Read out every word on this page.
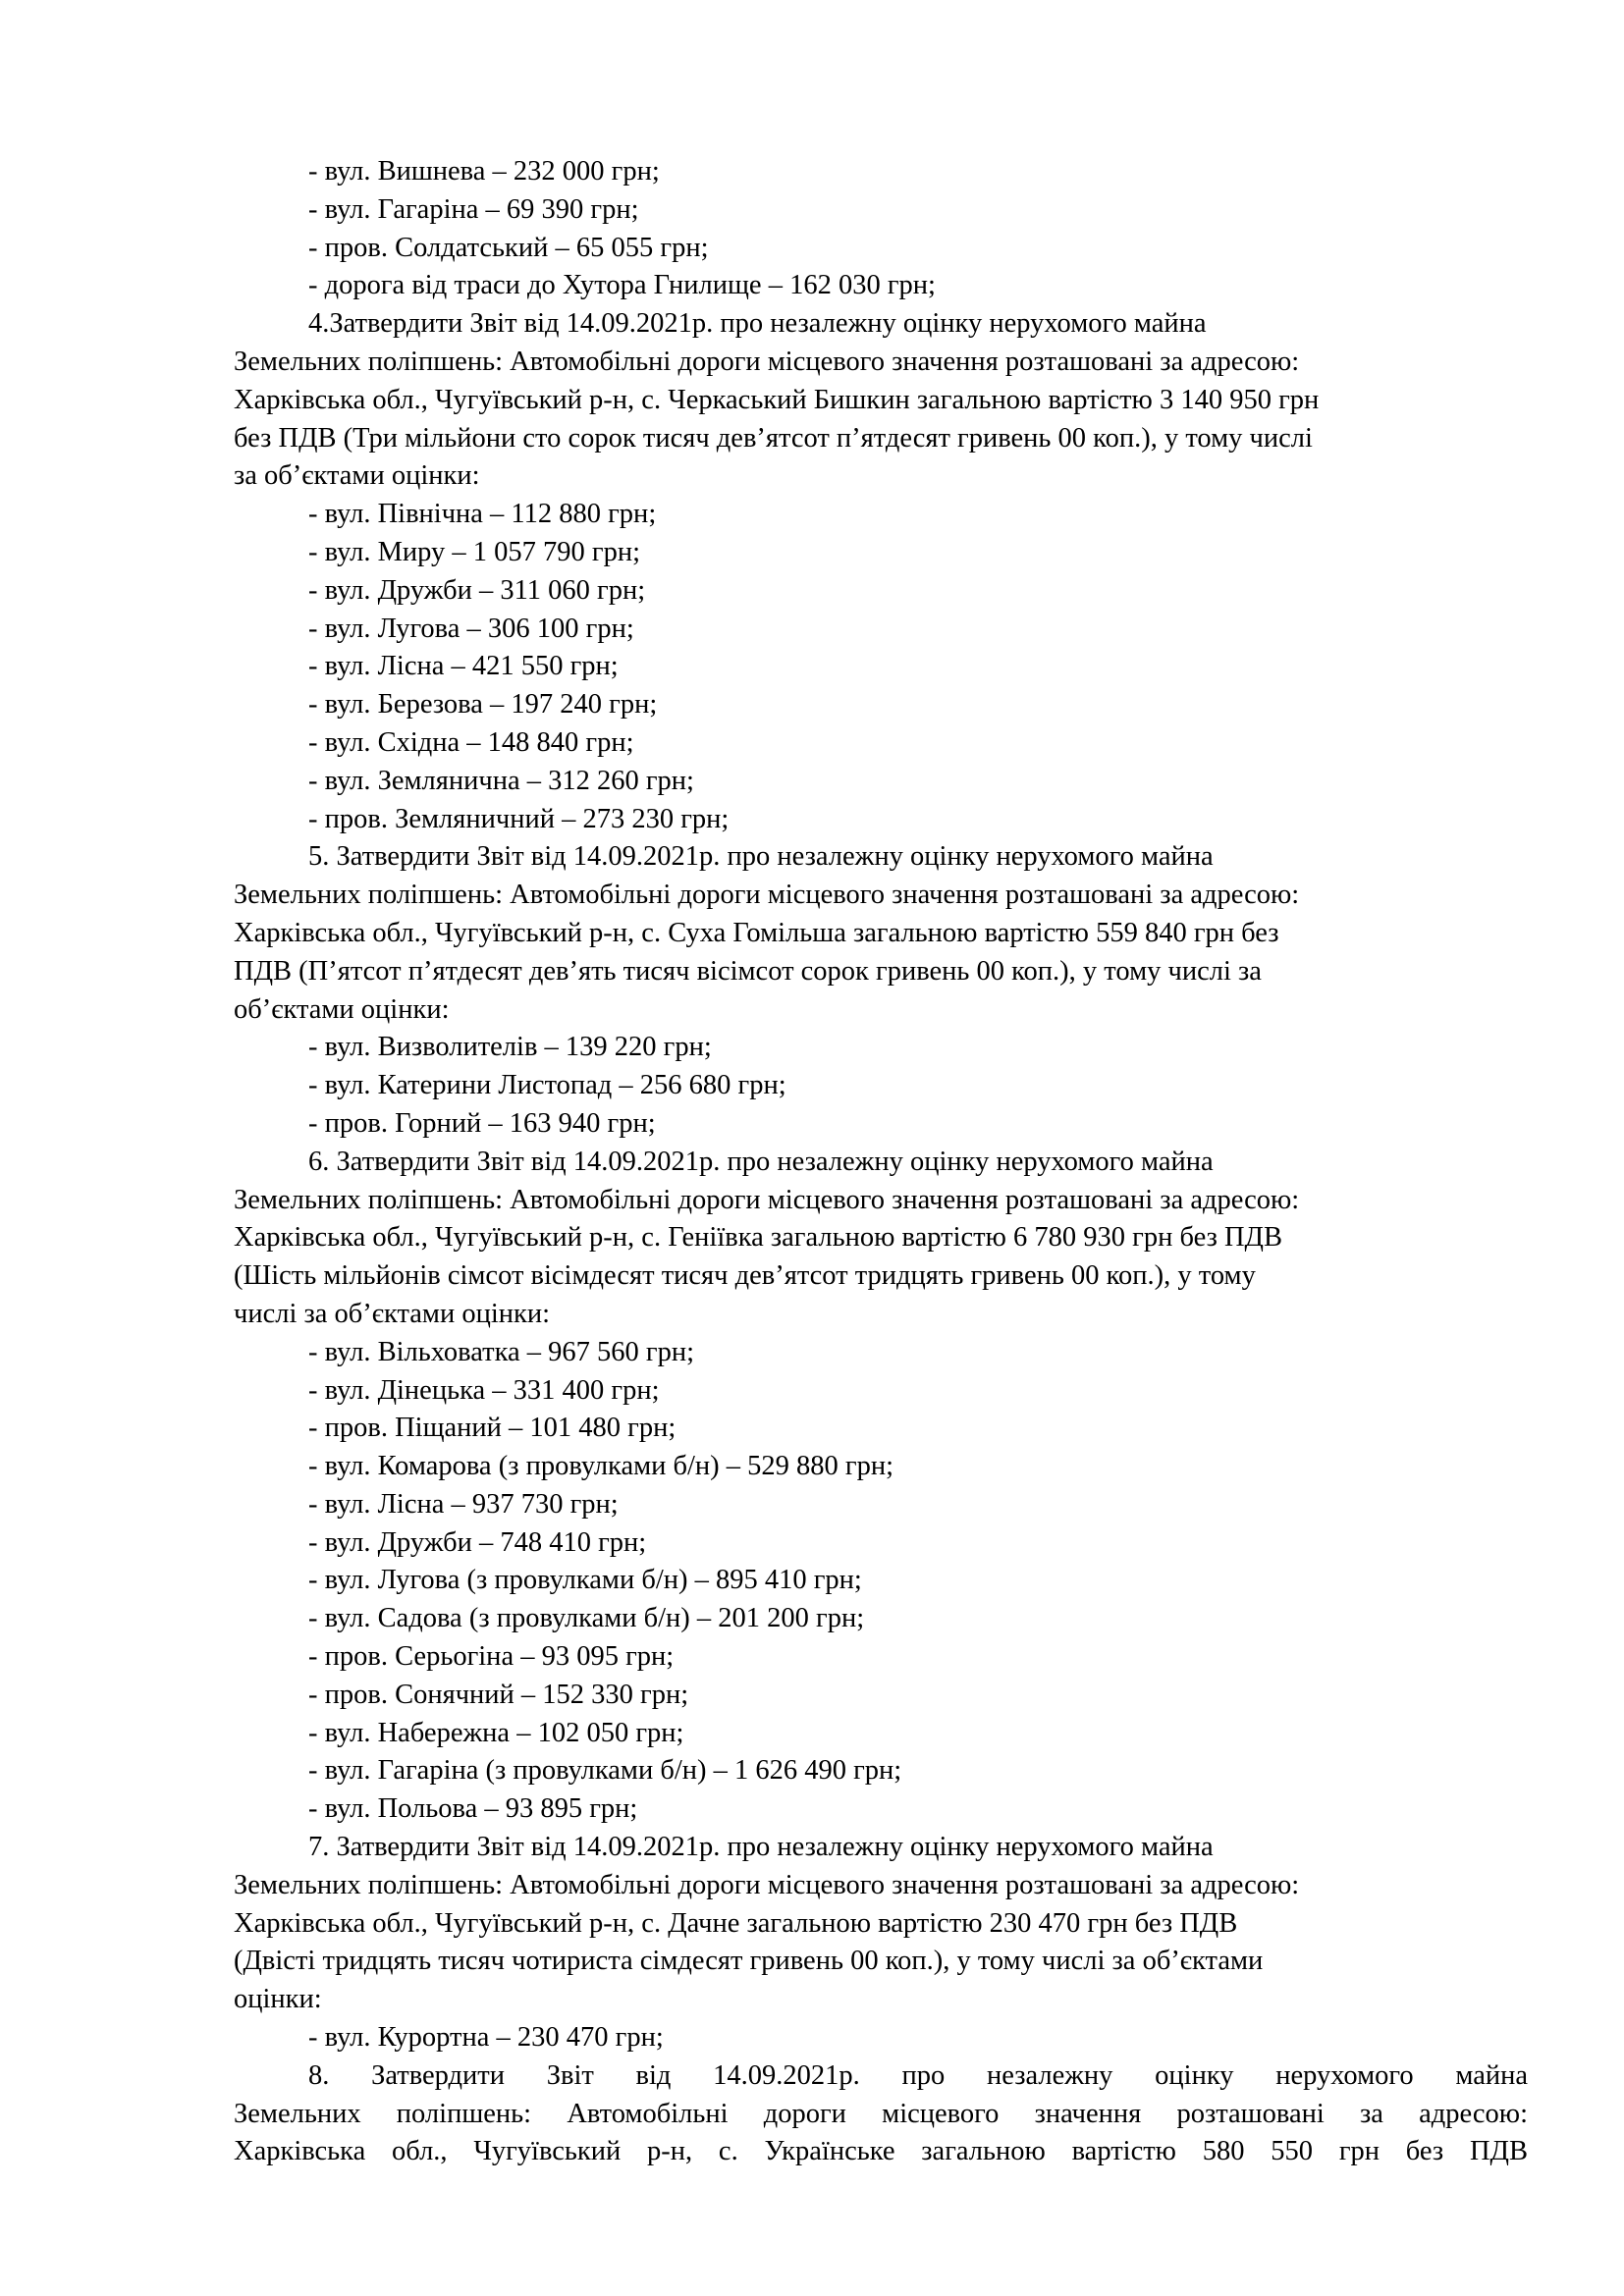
- вул. Вишнева – 232 000 грн;
- вул. Гагаріна – 69 390 грн;
- пров. Солдатський – 65 055 грн;
- дорога від траси до Хутора Гнилище – 162 030 грн;
4.Затвердити Звіт від 14.09.2021р. про незалежну оцінку нерухомого майна
Земельних поліпшень: Автомобільні дороги місцевого значення розташовані за адресою:
Харківська обл., Чугуївський р-н, с. Черкаський Бишкин загальною вартістю 3 140 950 грн
без ПДВ (Три мільйони сто сорок тисяч дев’ятсот п’ятдесят гривень 00 коп.), у тому числі
за об’єктами оцінки:
- вул. Північна – 112 880 грн;
- вул. Миру – 1 057 790 грн;
- вул. Дружби – 311 060 грн;
- вул. Лугова – 306 100 грн;
- вул. Лісна – 421 550 грн;
- вул. Березова – 197 240 грн;
- вул. Східна – 148 840 грн;
- вул. Землянична – 312 260 грн;
- пров. Земляничний – 273 230 грн;
5. Затвердити Звіт від 14.09.2021р. про незалежну оцінку нерухомого майна
Земельних поліпшень: Автомобільні дороги місцевого значення розташовані за адресою:
Харківська обл., Чугуївський р-н, с. Суха Гомільша загальною вартістю 559 840 грн без
ПДВ (П’ятсот п’ятдесят дев’ять тисяч вісімсот сорок гривень 00 коп.), у тому числі за
об’єктами оцінки:
- вул. Визволителів – 139 220 грн;
- вул. Катерини Листопад – 256 680 грн;
- пров. Горний – 163 940 грн;
6. Затвердити Звіт від 14.09.2021р. про незалежну оцінку нерухомого майна
Земельних поліпшень: Автомобільні дороги місцевого значення розташовані за адресою:
Харківська обл., Чугуївський р-н, с. Геніївка загальною вартістю 6 780 930 грн без ПДВ
(Шість мільйонів сімсот вісімдесят тисяч дев’ятсот тридцять гривень 00 коп.), у тому
числі за об’єктами оцінки:
- вул. Вільховатка – 967 560 грн;
- вул. Дінецька – 331 400 грн;
- пров. Піщаний – 101 480 грн;
- вул. Комарова (з провулками б/н) – 529 880 грн;
- вул. Лісна – 937 730 грн;
- вул. Дружби – 748 410 грн;
- вул. Лугова (з провулками б/н) – 895 410 грн;
- вул. Садова (з провулками б/н) – 201 200 грн;
- пров. Серьогіна – 93 095 грн;
- пров. Сонячний – 152 330 грн;
- вул. Набережна – 102 050 грн;
- вул. Гагаріна (з провулками б/н) – 1 626 490 грн;
- вул. Польова – 93 895 грн;
7. Затвердити Звіт від 14.09.2021р. про незалежну оцінку нерухомого майна
Земельних поліпшень: Автомобільні дороги місцевого значення розташовані за адресою:
Харківська обл., Чугуївський р-н, с. Дачне загальною вартістю 230 470 грн без ПДВ
(Двісті тридцять тисяч чотириста сімдесят гривень 00 коп.), у тому числі за об’єктами
оцінки:
- вул. Курортна – 230 470 грн;
8. Затвердити Звіт від 14.09.2021р. про незалежну оцінку нерухомого майна
Земельних поліпшень: Автомобільні дороги місцевого значення розташовані за адресою:
Харківська обл., Чугуївський р-н, с. Українське загальною вартістю 580 550 грн без ПДВ
